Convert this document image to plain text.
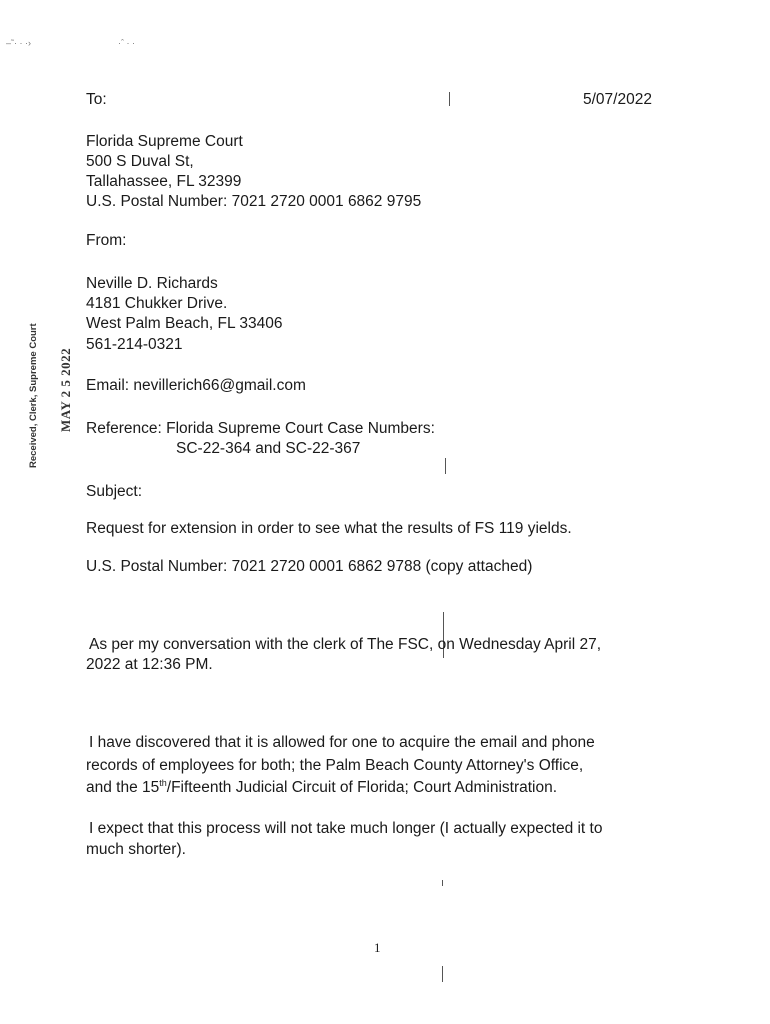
–˜· · ·›	·ˆ · ·
Received, Clerk, Supreme Court MAY 2 5 2022
To:	5/07/2022
Florida Supreme Court
500 S Duval St,
Tallahassee, FL 32399
U.S. Postal Number: 7021 2720 0001 6862 9795
From:
Neville D. Richards
4181 Chukker Drive.
West Palm Beach, FL 33406
561-214-0321
Email: nevillerich66@gmail.com
Reference: Florida Supreme Court Case Numbers:
SC-22-364 and SC-22-367
Subject:
Request for extension in order to see what the results of FS 119 yields.
U.S. Postal Number: 7021 2720 0001 6862 9788 (copy attached)
As per my conversation with the clerk of The FSC, on Wednesday April 27,
2022 at 12:36 PM.
I have discovered that it is allowed for one to acquire the email and phone
records of employees for both; the Palm Beach County Attorney's Office,
and the 15th/Fifteenth Judicial Circuit of Florida; Court Administration.
I expect that this process will not take much longer (I actually expected it to
much shorter).
1
